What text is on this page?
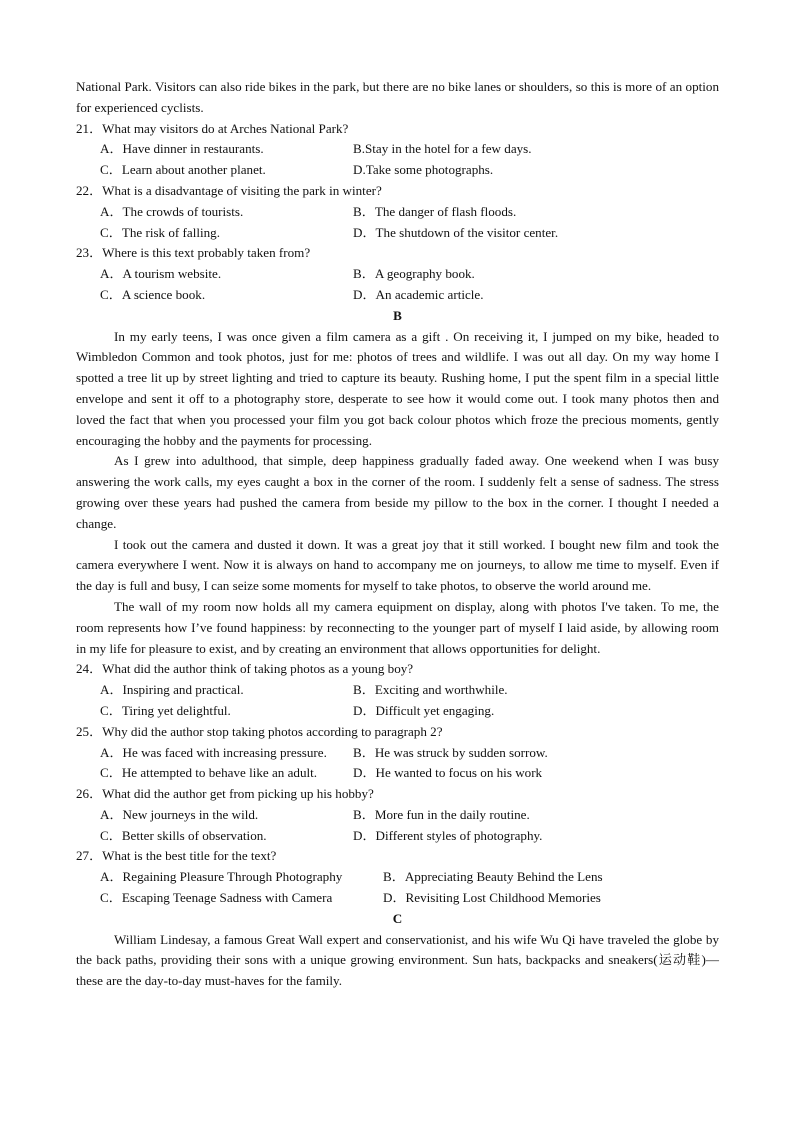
National Park. Visitors can also ride bikes in the park, but there are no bike lanes or shoulders, so this is more of an option for experienced cyclists.

21．What may visitors do at Arches National Park?
A．Have dinner in restaurants.	B.Stay in the hotel for a few days.
C．Learn about another planet.	D.Take some photographs.
22．What is a disadvantage of visiting the park in winter?
A．The crowds of tourists.	B．The danger of flash floods.
C．The risk of falling.	D．The shutdown of the visitor center.
23．Where is this text probably taken from?
A．A tourism website.	B．A geography book.
C．A science book.	D．An academic article.
B

In my early teens, I was once given a film camera as a gift . On receiving it, I jumped on my bike, headed to Wimbledon Common and took photos, just for me: photos of trees and wildlife. I was out all day. On my way home I spotted a tree lit up by street lighting and tried to capture its beauty. Rushing home, I put the spent film in a special little envelope and sent it off to a photography store, desperate to see how it would come out. I took many photos then and loved the fact that when you processed your film you got back colour photos which froze the precious moments, gently encouraging the hobby and the payments for processing.

As I grew into adulthood, that simple, deep happiness gradually faded away. One weekend when I was busy answering the work calls, my eyes caught a box in the corner of the room. I suddenly felt a sense of sadness. The stress growing over these years had pushed the camera from beside my pillow to the box in the corner. I thought I needed a change.

I took out the camera and dusted it down. It was a great joy that it still worked. I bought new film and took the camera everywhere I went. Now it is always on hand to accompany me on journeys, to allow me time to myself. Even if the day is full and busy, I can seize some moments for myself to take photos, to observe the world around me.

The wall of my room now holds all my camera equipment on display, along with photos I've taken. To me, the room represents how I’ve found happiness: by reconnecting to the younger part of myself I laid aside, by allowing room in my life for pleasure to exist, and by creating an environment that allows opportunities for delight.

24．What did the author think of taking photos as a young boy?
A．Inspiring and practical.	B．Exciting and worthwhile.
C．Tiring yet delightful.	D．Difficult yet engaging.
25．Why did the author stop taking photos according to paragraph 2?
A．He was faced with increasing pressure.	B．He was struck by sudden sorrow.
C．He attempted to behave like an adult.	D．He wanted to focus on his work
26．What did the author get from picking up his hobby?
A．New journeys in the wild.	B．More fun in the daily routine.
C．Better skills of observation.	D．Different styles of photography.
27．What is the best title for the text?
A．Regaining Pleasure Through Photography	B．Appreciating Beauty Behind the Lens
C．Escaping Teenage Sadness with Camera	D．Revisiting Lost Childhood Memories
C

William Lindesay, a famous Great Wall expert and conservationist, and his wife Wu Qi have traveled the globe by the back paths, providing their sons with a unique growing environment. Sun hats, backpacks and sneakers(运动鞋)—these are the day-to-day must-haves for the family.
